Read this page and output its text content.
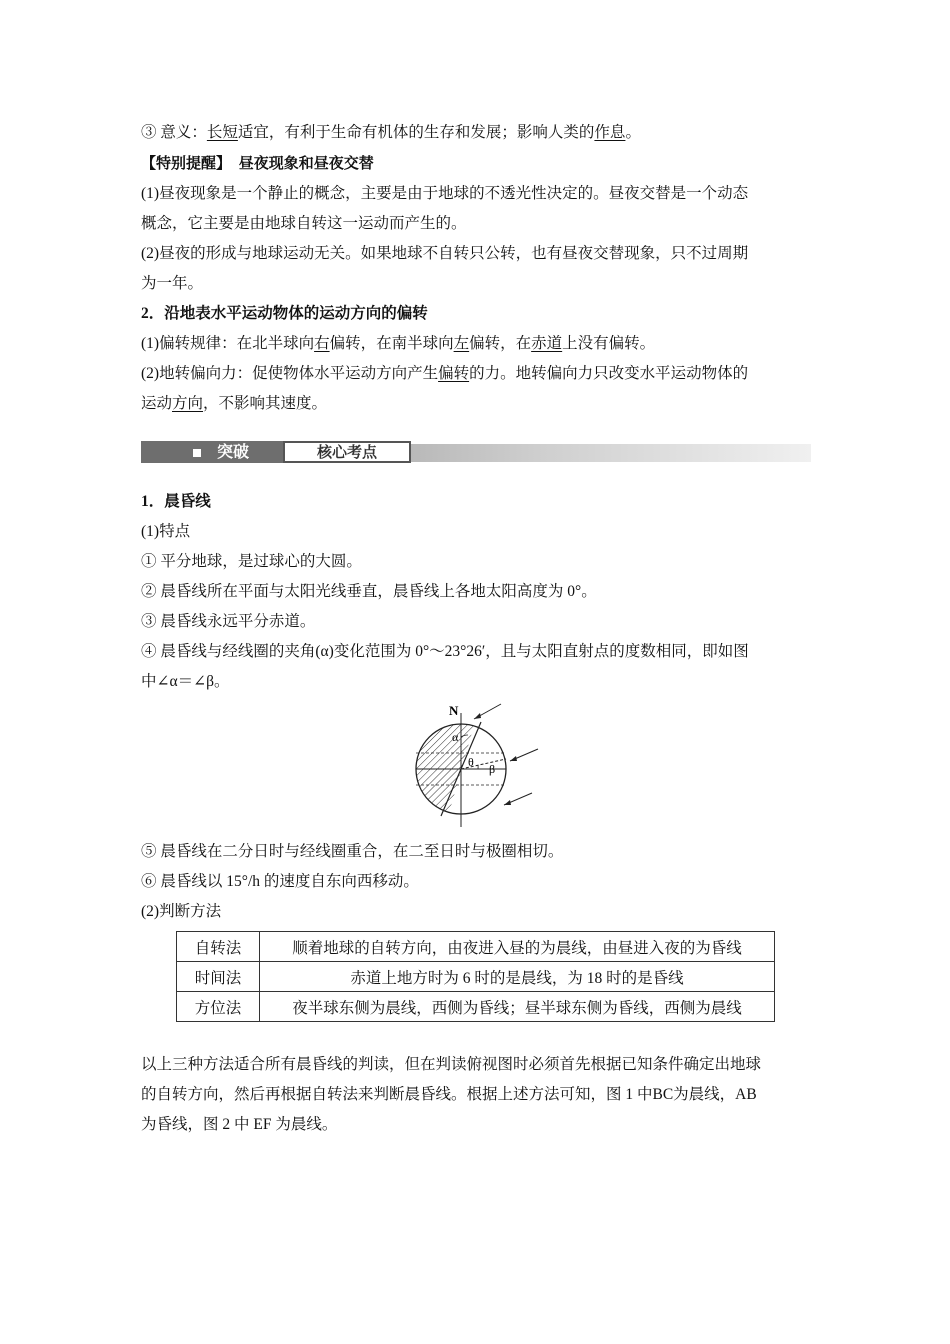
③ 意义：长短适宜，有利于生命有机体的生存和发展；影响人类的作息。

【特别提醒】 昼夜现象和昼夜交替

(1)昼夜现象是一个静止的概念，主要是由于地球的不透光性决定的。昼夜交替是一个动态

概念，它主要是由地球自转这一运动而产生的。

(2)昼夜的形成与地球运动无关。如果地球不自转只公转，也有昼夜交替现象，只不过周期

为一年。

2．沿地表水平运动物体的运动方向的偏转

(1)偏转规律：在北半球向右偏转，在南半球向左偏转，在赤道上没有偏转。

(2)地转偏向力：促使物体水平运动方向产生偏转的力。地转偏向力只改变水平运动物体的

运动方向，不影响其速度。

突破	核心考点

1．晨昏线

(1)特点

① 平分地球，是过球心的大圆。

② 晨昏线所在平面与太阳光线垂直，晨昏线上各地太阳高度为 0°。

③ 晨昏线永远平分赤道。

④ 晨昏线与经线圈的夹角(α)变化范围为 0°～23°26′，且与太阳直射点的度数相同，即如图

中∠α＝∠β。

N
α
θ β

⑤ 晨昏线在二分日时与经线圈重合，在二至日时与极圈相切。

⑥ 晨昏线以 15°/h 的速度自东向西移动。

(2)判断方法

自转法	顺着地球的自转方向，由夜进入昼的为晨线，由昼进入夜的为昏线
时间法	赤道上地方时为 6 时的是晨线，为 18 时的是昏线
方位法	夜半球东侧为晨线，西侧为昏线；昼半球东侧为昏线，西侧为晨线

以上三种方法适合所有晨昏线的判读，但在判读俯视图时必须首先根据已知条件确定出地球

的自转方向，然后再根据自转法来判断晨昏线。根据上述方法可知，图 1 中BC为晨线，AB

为昏线，图 2 中 EF 为晨线。
